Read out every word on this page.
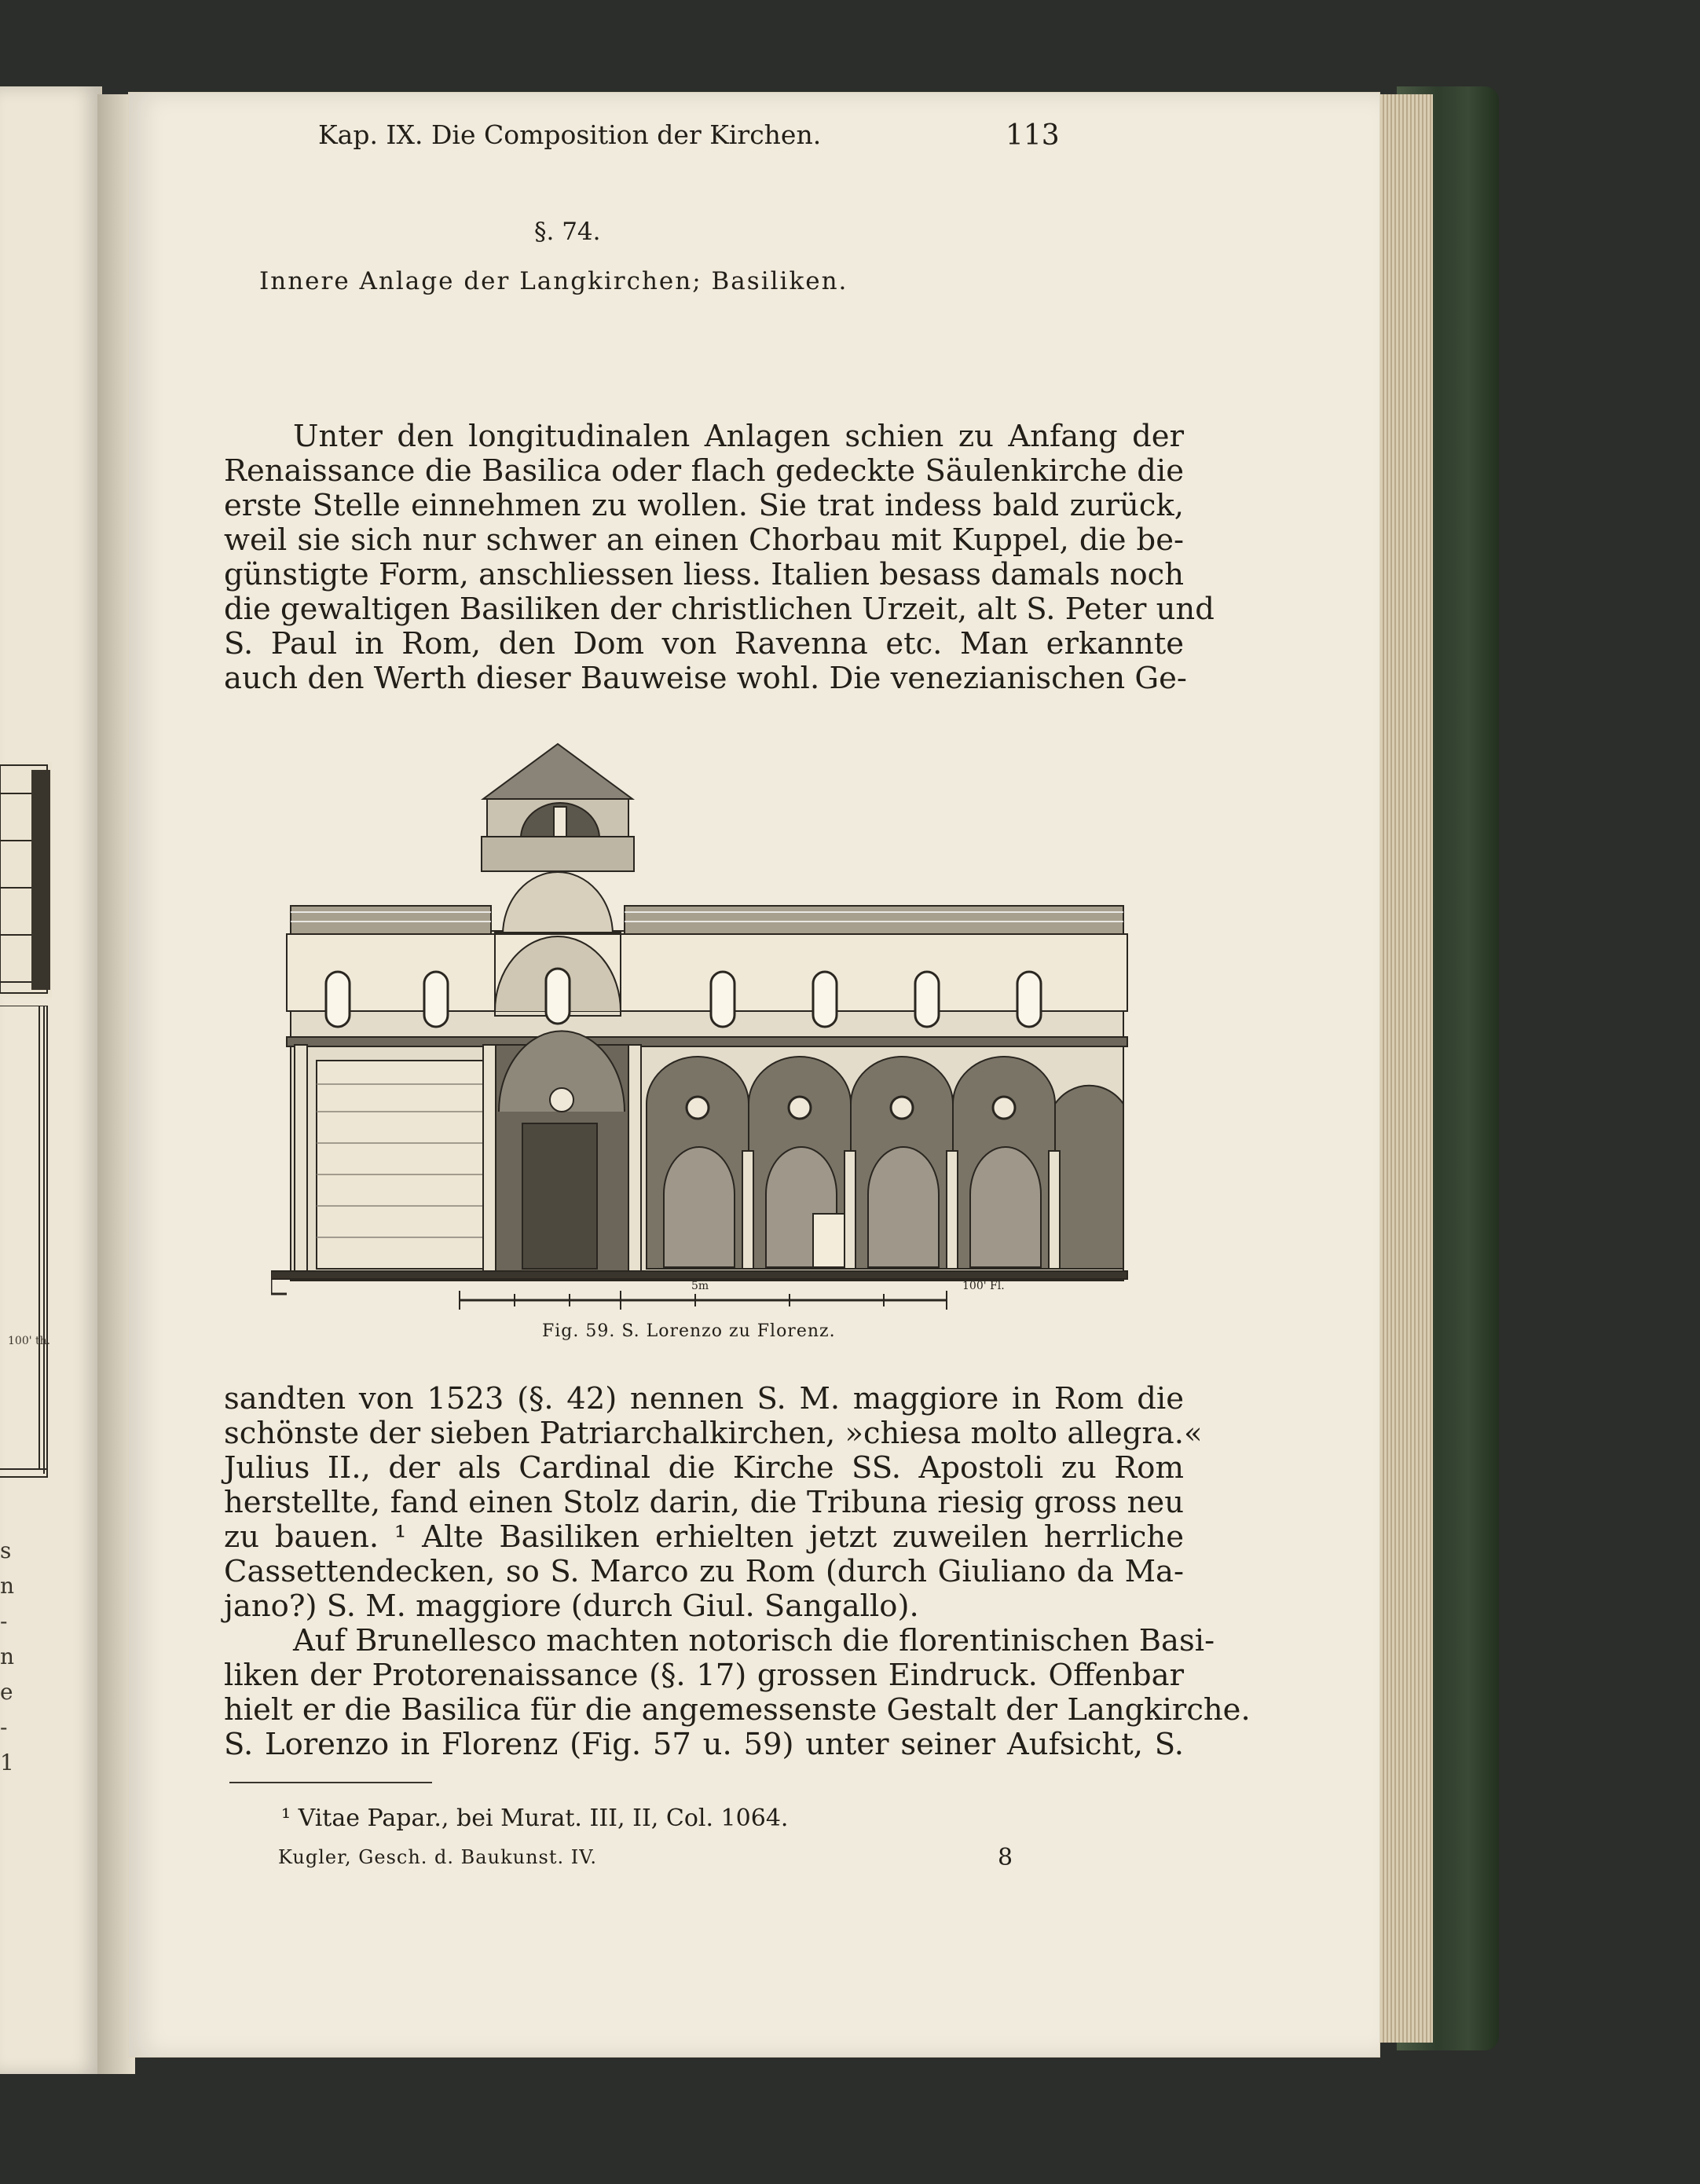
100' th.
s
n
-
n
e
-
1
Kap. IX. Die Composition der Kirchen.	113
§. 74.
Innere Anlage der Langkirchen; Basiliken.
Unter den longitudinalen Anlagen schien zu Anfang der
Renaissance die Basilica oder flach gedeckte Säulenkirche die
erste Stelle einnehmen zu wollen. Sie trat indess bald zurück,
weil sie sich nur schwer an einen Chorbau mit Kuppel, die be-
günstigte Form, anschliessen liess. Italien besass damals noch
die gewaltigen Basiliken der christlichen Urzeit, alt S. Peter und
S. Paul in Rom, den Dom von Ravenna etc. Man erkannte
auch den Werth dieser Bauweise wohl. Die venezianischen Ge-
5m	100' Fl.
Fig. 59. S. Lorenzo zu Florenz.
sandten von 1523 (§. 42) nennen S. M. maggiore in Rom die
schönste der sieben Patriarchalkirchen, »chiesa molto allegra.«
Julius II., der als Cardinal die Kirche SS. Apostoli zu Rom
herstellte, fand einen Stolz darin, die Tribuna riesig gross neu
zu bauen. ¹ Alte Basiliken erhielten jetzt zuweilen herrliche
Cassettendecken, so S. Marco zu Rom (durch Giuliano da Ma-
jano?) S. M. maggiore (durch Giul. Sangallo).
Auf Brunellesco machten notorisch die florentinischen Basi-
liken der Protorenaissance (§. 17) grossen Eindruck. Offenbar
hielt er die Basilica für die angemessenste Gestalt der Langkirche.
S. Lorenzo in Florenz (Fig. 57 u. 59) unter seiner Aufsicht, S.
¹ Vitae Papar., bei Murat. III, II, Col. 1064.
Kugler, Gesch. d. Baukunst. IV.	8
